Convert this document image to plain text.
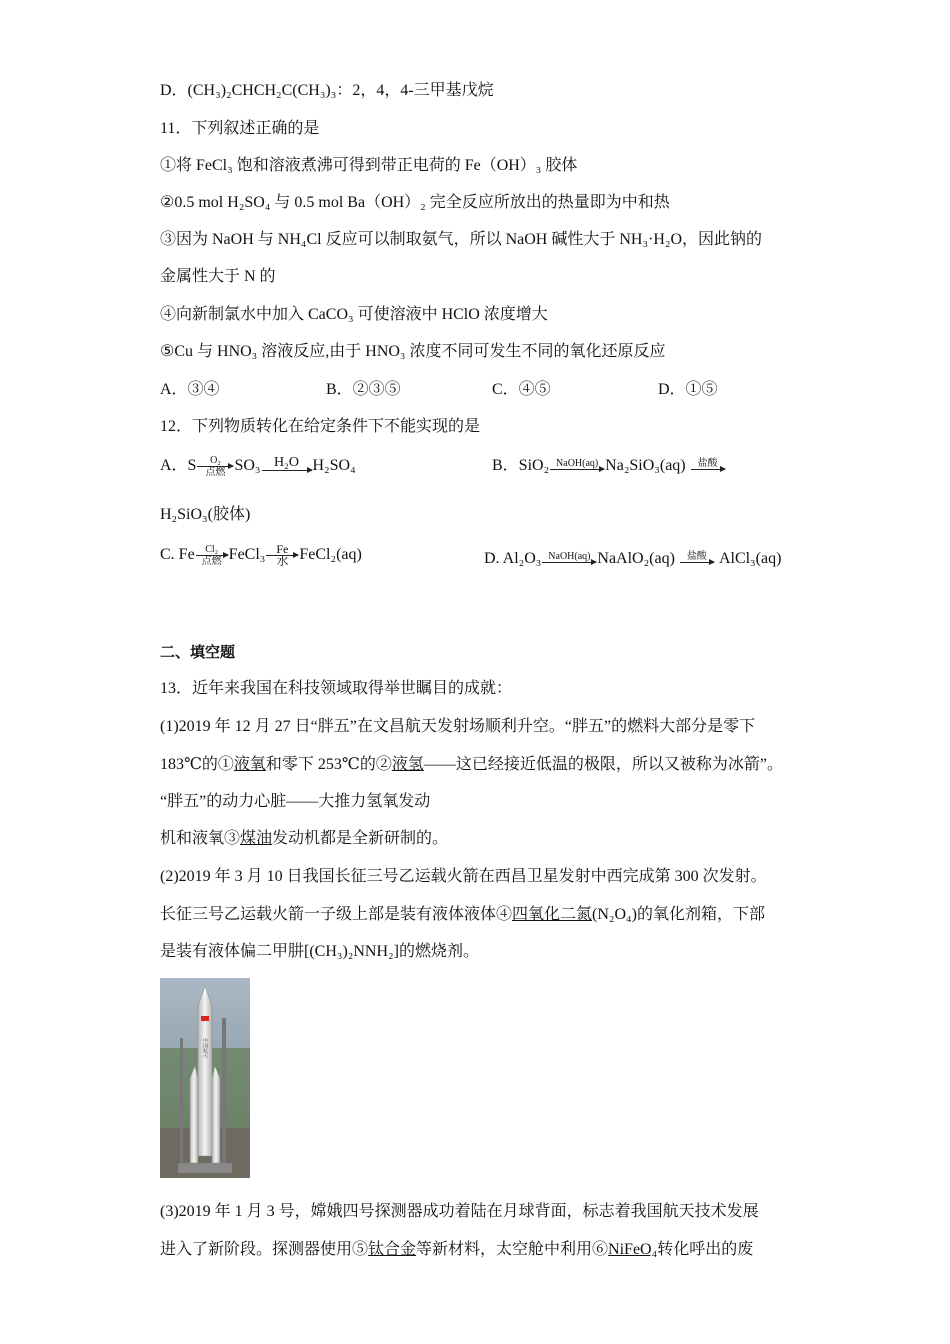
D．(CH₃)₂CHCH₂C(CH₃)₃：2，4，4-三甲基戊烷
11．下列叙述正确的是
①将 FeCl₃ 饱和溶液煮沸可得到带正电荷的 Fe（OH）₃ 胶体
②0.5 mol H₂SO₄ 与 0.5 mol Ba（OH）₂ 完全反应所放出的热量即为中和热
③因为 NaOH 与 NH₄Cl 反应可以制取氨气，所以 NaOH 碱性大于 NH₃·H₂O，因此钠的
金属性大于 N 的
④向新制氯水中加入 CaCO₃ 可使溶液中 HClO 浓度增大
⑤Cu 与 HNO₃ 溶液反应,由于 HNO₃ 浓度不同可发生不同的氧化还原反应
A．③④	B．②③⑤	C．④⑤	D．①⑤
12．下列物质转化在给定条件下不能实现的是
A．S	O₂
点燃 SO₃ H₂O H₂SO₄	B．SiO₂ NaOH(aq) Na₂SiO₃(aq)	盐酸
H₂SiO₃(胶体)
C. Fe	Cl₂
点燃 FeCl₃ Fe
水 FeCl₂(aq)	D. Al₂O₃ NaOH(aq) NaAlO₂(aq)	盐酸 AlCl₃(aq)
二、填空题
13．近年来我国在科技领域取得举世瞩目的成就：
(1)2019 年 12 月 27 日“胖五”在文昌航天发射场顺利升空。“胖五”的燃料大部分是零下
183℃的①液氧和零下 253℃的②液氢——这已经接近低温的极限，所以又被称为冰箭”。
“胖五”的动力心脏——大推力氢氧发动
机和液氧③煤油发动机都是全新研制的。
(2)2019 年 3 月 10 日我国长征三号乙运载火箭在西昌卫星发射中西完成第 300 次发射。
长征三号乙运载火箭一子级上部是装有液体液体④四氧化二氮(N₂O₄)的氧化剂箱，下部
是装有液体偏二甲肼[(CH₃)₂NNH₂]的燃烧剂。
中国航天
(3)2019 年 1 月 3 号，嫦娥四号探测器成功着陆在月球背面，标志着我国航天技术发展
进入了新阶段。探测器使用⑤钛合金等新材料，太空舱中利用⑥NiFeO₄转化呼出的废
